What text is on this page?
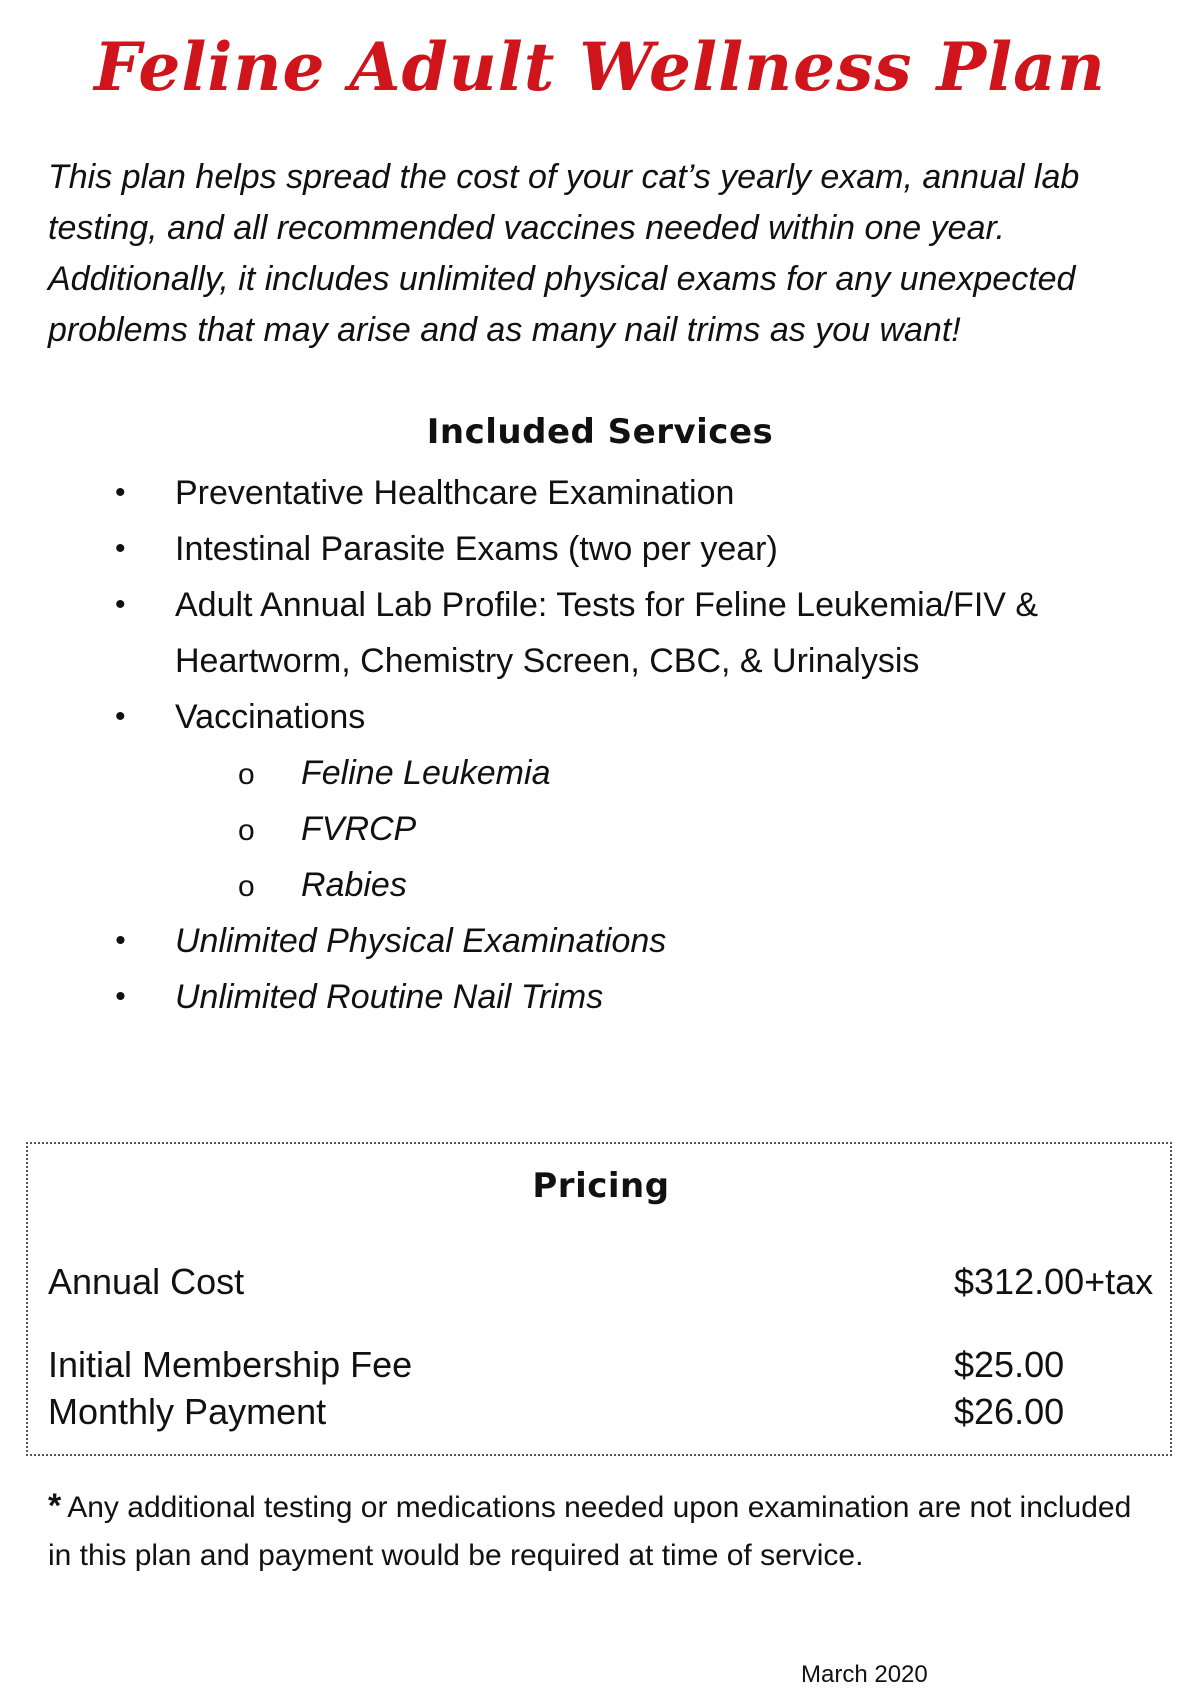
Feline Adult Wellness Plan
This plan helps spread the cost of your cat’s yearly exam, annual lab testing, and all recommended vaccines needed within one year. Additionally, it includes unlimited physical exams for any unexpected problems that may arise and as many nail trims as you want!
Included Services
• Preventative Healthcare Examination
• Intestinal Parasite Exams (two per year)
• Adult Annual Lab Profile: Tests for Feline Leukemia/FIV & Heartworm, Chemistry Screen, CBC, & Urinalysis
• Vaccinations
o Feline Leukemia
o FVRCP
o Rabies
• Unlimited Physical Examinations
• Unlimited Routine Nail Trims
Pricing
Annual Cost	$312.00+tax
Initial Membership Fee	$25.00
Monthly Payment	$26.00
* Any additional testing or medications needed upon examination are not included in this plan and payment would be required at time of service.
March 2020
